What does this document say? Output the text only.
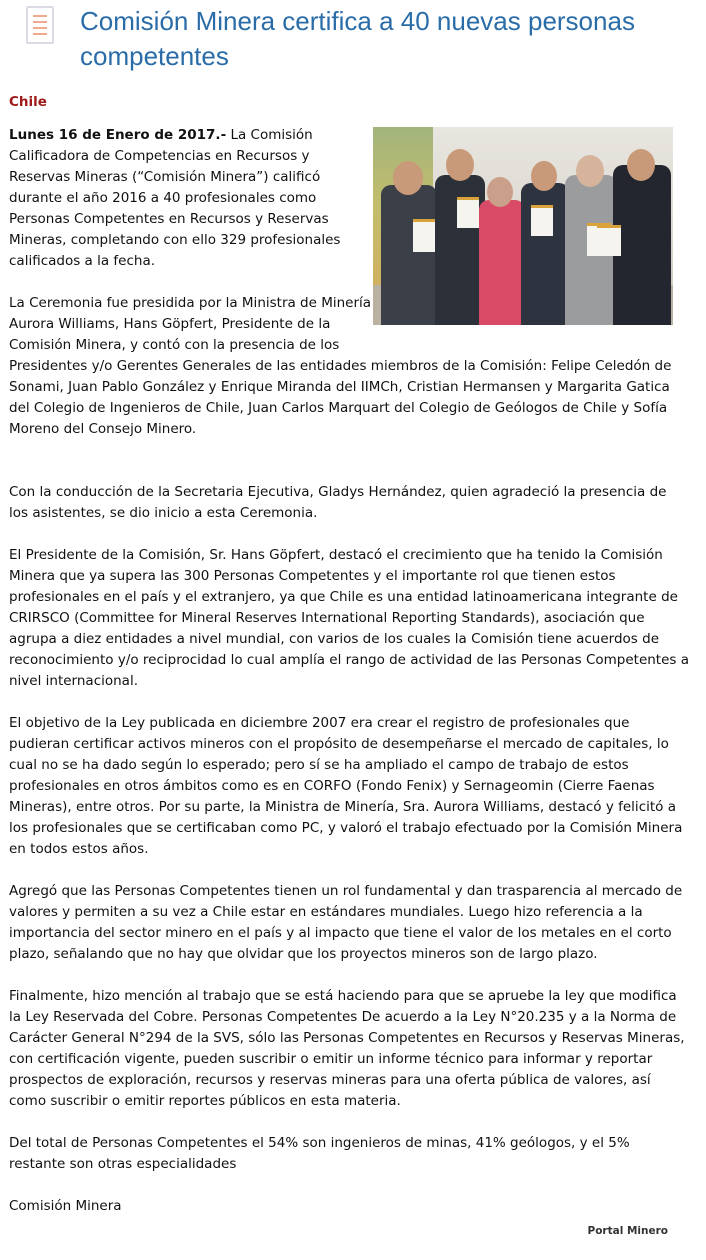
Comisión Minera certifica a 40 nuevas personas competentes
Chile

Lunes 16 de Enero de 2017.- La Comisión Calificadora de Competencias en Recursos y Reservas Mineras (“Comisión Minera”) calificó durante el año 2016 a 40 profesionales como Personas Competentes en Recursos y Reservas Mineras, completando con ello 329 profesionales calificados a la fecha.

La Ceremonia fue presidida por la Ministra de Minería Aurora Williams, Hans Göpfert, Presidente de la Comisión Minera, y contó con la presencia de los Presidentes y/o Gerentes Generales de las entidades miembros de la Comisión: Felipe Celedón de Sonami, Juan Pablo González y Enrique Miranda del IIMCh, Cristian Hermansen y Margarita Gatica del Colegio de Ingenieros de Chile, Juan Carlos Marquart del Colegio de Geólogos de Chile y Sofía Moreno del Consejo Minero.

Con la conducción de la Secretaria Ejecutiva, Gladys Hernández, quien agradeció la presencia de los asistentes, se dio inicio a esta Ceremonia.

El Presidente de la Comisión, Sr. Hans Göpfert, destacó el crecimiento que ha tenido la Comisión Minera que ya supera las 300 Personas Competentes y el importante rol que tienen estos profesionales en el país y el extranjero, ya que Chile es una entidad latinoamericana integrante de CRIRSCO (Committee for Mineral Reserves International Reporting Standards), asociación que agrupa a diez entidades a nivel mundial, con varios de los cuales la Comisión tiene acuerdos de reconocimiento y/o reciprocidad lo cual amplía el rango de actividad de las Personas Competentes a nivel internacional.

El objetivo de la Ley publicada en diciembre 2007 era crear el registro de profesionales que pudieran certificar activos mineros con el propósito de desempeñarse el mercado de capitales, lo cual no se ha dado según lo esperado; pero sí se ha ampliado el campo de trabajo de estos profesionales en otros ámbitos como es en CORFO (Fondo Fenix) y Sernageomin (Cierre Faenas Mineras), entre otros. Por su parte, la Ministra de Minería, Sra. Aurora Williams, destacó y felicitó a los profesionales que se certificaban como PC, y valoró el trabajo efectuado por la Comisión Minera en todos estos años.

Agregó que las Personas Competentes tienen un rol fundamental y dan trasparencia al mercado de valores y permiten a su vez a Chile estar en estándares mundiales. Luego hizo referencia a la importancia del sector minero en el país y al impacto que tiene el valor de los metales en el corto plazo, señalando que no hay que olvidar que los proyectos mineros son de largo plazo.

Finalmente, hizo mención al trabajo que se está haciendo para que se apruebe la ley que modifica la Ley Reservada del Cobre. Personas Competentes De acuerdo a la Ley N°20.235 y a la Norma de Carácter General N°294 de la SVS, sólo las Personas Competentes en Recursos y Reservas Mineras, con certificación vigente, pueden suscribir o emitir un informe técnico para informar y reportar prospectos de exploración, recursos y reservas mineras para una oferta pública de valores, así como suscribir o emitir reportes públicos en esta materia.

Del total de Personas Competentes el 54% son ingenieros de minas, 41% geólogos, y el 5% restante son otras especialidades

Comisión Minera

Portal Minero
